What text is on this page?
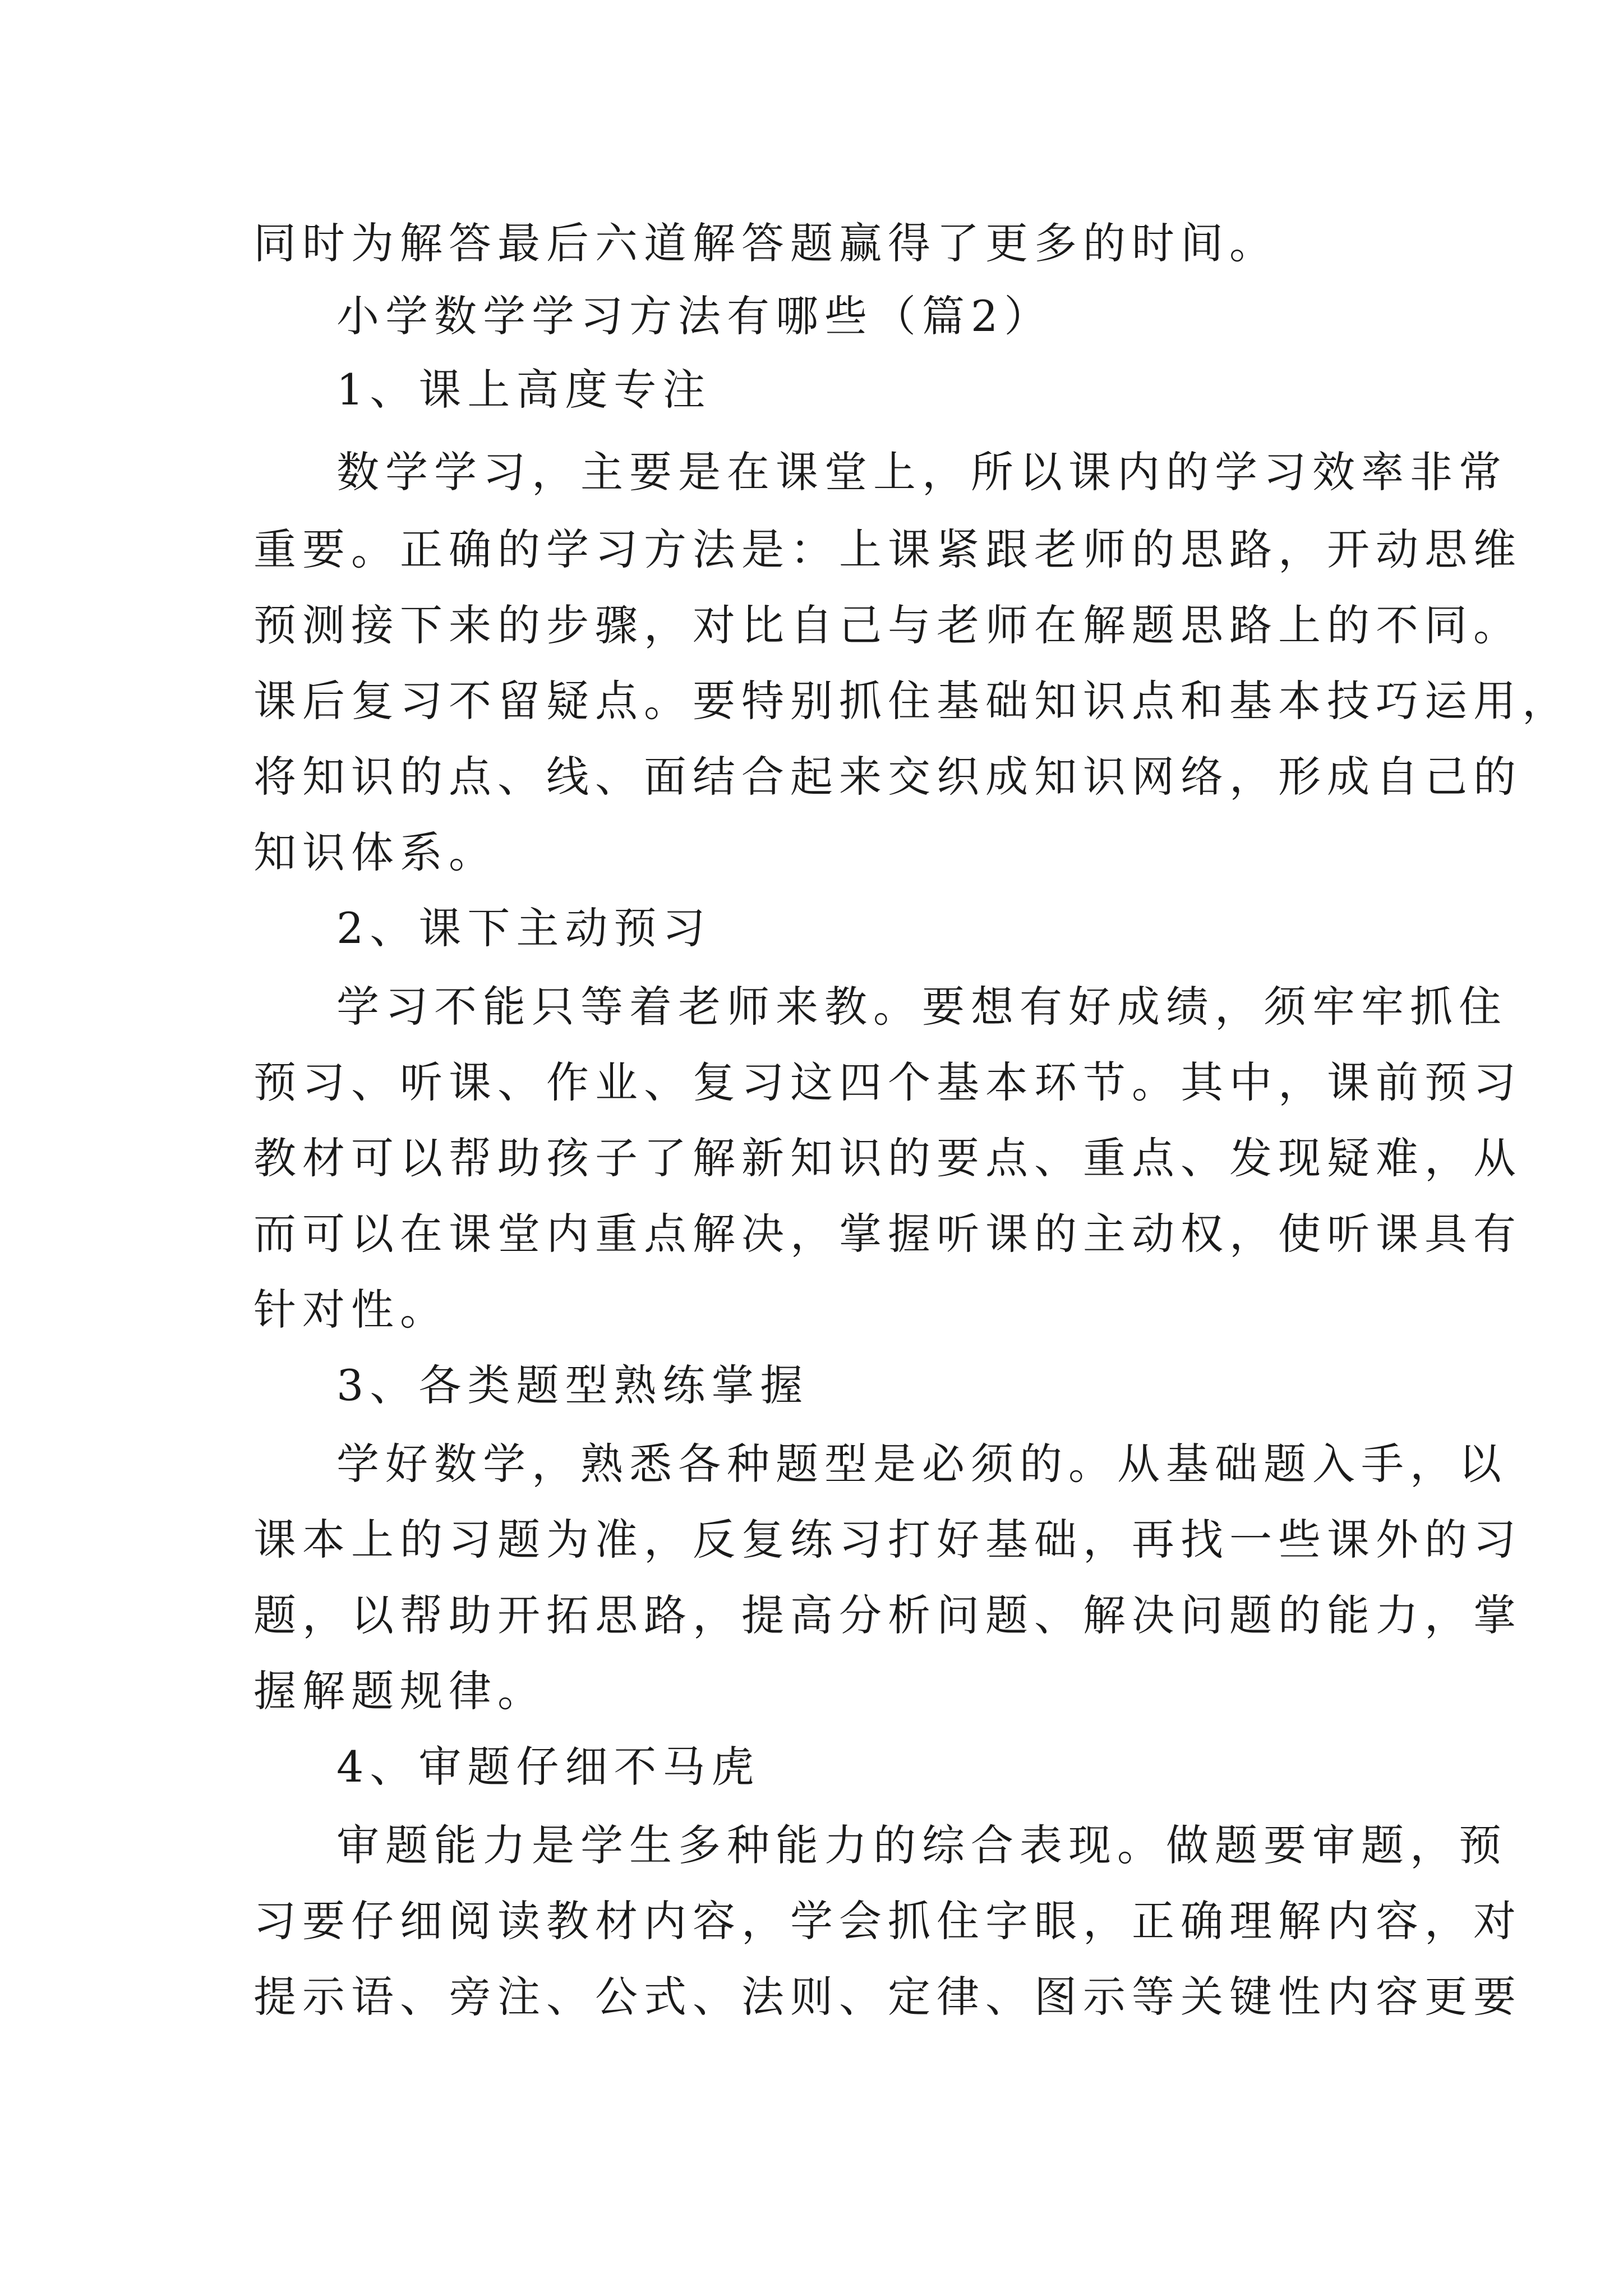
同时为解答最后六道解答题赢得了更多的时间。
小学数学学习方法有哪些（篇2）
1、课上高度专注
数学学习，主要是在课堂上，所以课内的学习效率非常
重要。正确的学习方法是：上课紧跟老师的思路，开动思维
预测接下来的步骤，对比自己与老师在解题思路上的不同。
课后复习不留疑点。要特别抓住基础知识点和基本技巧运用，
将知识的点、线、面结合起来交织成知识网络，形成自己的
知识体系。
2、课下主动预习
学习不能只等着老师来教。要想有好成绩，须牢牢抓住
预习、听课、作业、复习这四个基本环节。其中，课前预习
教材可以帮助孩子了解新知识的要点、重点、发现疑难，从
而可以在课堂内重点解决，掌握听课的主动权，使听课具有
针对性。
3、各类题型熟练掌握
学好数学，熟悉各种题型是必须的。从基础题入手，以
课本上的习题为准，反复练习打好基础，再找一些课外的习
题，以帮助开拓思路，提高分析问题、解决问题的能力，掌
握解题规律。
4、审题仔细不马虎
审题能力是学生多种能力的综合表现。做题要审题，预
习要仔细阅读教材内容，学会抓住字眼，正确理解内容，对
提示语、旁注、公式、法则、定律、图示等关键性内容更要
